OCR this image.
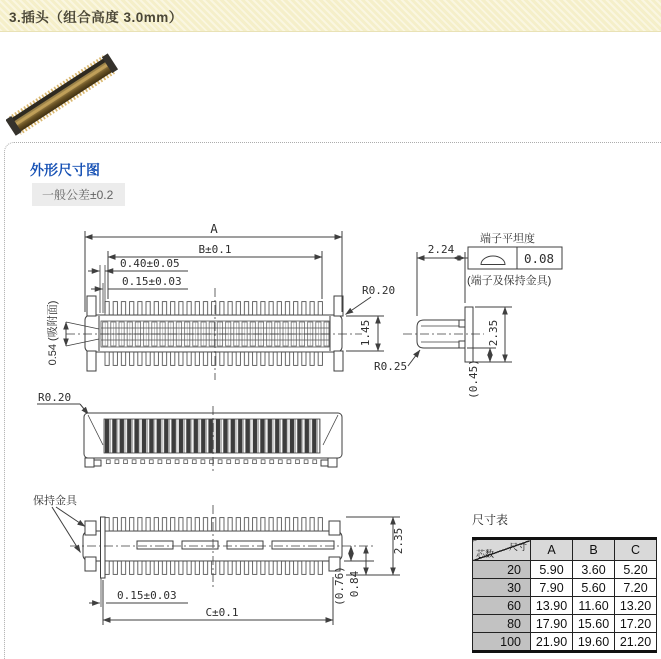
3.插头（组合高度 3.0mm）
外形尺寸图
一般公差±0.2
A
B±0.1
0.40±0.05
0.15±0.03
0.54 (吸附面)
R0.20
1.45
2.24
端子平坦度
0.08
(端子及保持金具)
R0.25
2.35
(0.45)
R0.20
保持金具
0.15±0.03
C±0.1
2.35
(0.76) 0.84
尺寸表
尺寸
芯数	A	B	C
20	5.90	3.60	5.20
30	7.90	5.60	7.20
60	13.90	11.60	13.20
80	17.90	15.60	17.20
100	21.90	19.60	21.20
